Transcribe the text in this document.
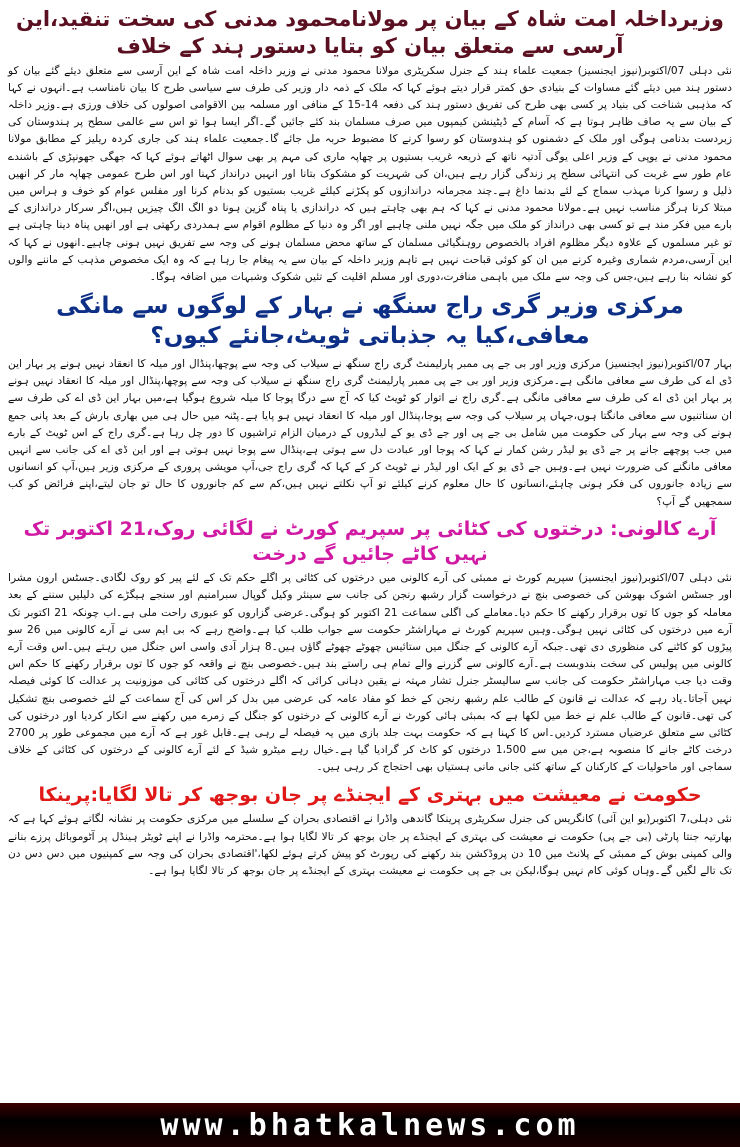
وزیرداخلہ امت شاہ کے بیان پر مولانامحمود مدنی کی سخت تنقید،این آرسی سے متعلق بیان کو بتایا دستور ہند کے خلاف

نئی دہلی 07/اکتوبر(نیوز ایجنسیز) جمعیت علماء ہند کے جنرل سکریٹری مولانا محمود مدنی نے وزیر داخلہ امت شاہ کے این آرسی سے متعلق دیئے گئے بیان کو دستور ہند میں دیئے گئے مساوات کے بنیادی حق کمتر قرار دیتے ہوئے کہا کہ ملک کے ذمہ دار وزیر کی طرف سے سیاسی طرح کا بیان نامناسب ہے۔انہوں نے کہا کہ مذہبی شناخت کی بنیاد پر کسی بھی طرح کی تفریق دستور ہند کی دفعہ 14-15 کے منافی اور مسلمہ بین الاقوامی اصولوں کی خلاف ورزی ہے۔وزیر داخلہ کے بیان سے یہ صاف ظاہر ہوتا ہے کہ آسام کے ڈیٹینشن کیمپوں میں صرف مسلمان بند کئے جائیں گے۔اگر ایسا ہوا تو اس سے عالمی سطح پر ہندوستان کی زبردست بدنامی ہوگی اور ملک کے دشمنوں کو ہندوستان کو رسوا کرنے کا مضبوط حربہ مل جائے گا۔جمعیت علماء ہند کی جاری کردہ ریلیز کے مطابق مولانا محمود مدنی نے یوپی کے وزیر اعلی یوگی آدتیہ ناتھ کے ذریعہ غریب بستیوں پر چھاپہ ماری کی مہم پر بھی سوال اٹھاتے ہوئے کہا کہ جھگی جھونپڑی کے باشندے عام طور سے غربت کی انتہائی سطح پر زندگی گزار رہے ہیں،ان کی شہریت کو مشکوک بتانا اور انہیں درانداز کہنا اور اس طرح عمومی چھاپہ مار کر انھیں ذلیل و رسوا کرنا مہذب سماج کے لئے بدنما داغ ہے۔چند مجرمانہ دراندازوں کو پکڑنے کیلئے غریب بستیوں کو بدنام کرنا اور مفلس عوام کو خوف و ہراس میں مبتلا کرنا ہرگز مناسب نہیں ہے۔مولانا محمود مدنی نے کہا کہ ہم بھی چاہتے ہیں کہ دراندازی یا پناہ گزین ہونا دو الگ الگ چیزیں ہیں،اگر سرکار دراندازی کے بارے میں فکر مند ہے تو کسی بھی درانداز کو ملک میں جگہ نہیں ملنی چاہیے اور اگر وہ دنیا کے مظلوم اقوام سے ہمدردی رکھتی ہے اور انھیں پناہ دینا چاہتی ہے تو غیر مسلموں کے علاوہ دیگر مظلوم افراد بالخصوص روہنگیائی مسلمان کے ساتھ محض مسلمان ہونے کی وجہ سے تفریق نہیں ہونی چاہیے۔انھوں نے کہا کہ این آرسی،مردم شماری وغیرہ کرنے میں ان کو کوئی قباحت نہیں ہے تاہم وزیر داخلہ کے بیان سے یہ پیغام جا رہا ہے کہ وہ ایک مخصوص مذہب کے ماننے والوں کو نشانہ بنا رہے ہیں،جس کی وجہ سے ملک میں باہمی منافرت،دوری اور مسلم اقلیت کے تئیں شکوک وشبہات میں اضافہ ہوگا۔

مرکزی وزیر گری راج سنگھ نے بہار کے لوگوں سے مانگی معافی،کیا یہ جذباتی ٹویٹ،جانئے کیوں؟

بہار 07/اکتوبر(نیوز ایجنسیز) مرکزی وزیر اور بی جے پی ممبر پارلیمنٹ گری راج سنگھ نے سیلاب کی وجہ سے پوچھا،پنڈال اور میلہ کا انعقاد نہیں ہونے پر بہار این ڈی اے کی طرف سے معافی مانگی ہے۔مرکزی وزیر اور بی جے پی ممبر پارلیمنٹ گری راج سنگھ نے سیلاب کی وجہ سے پوچھا،پنڈال اور میلہ کا انعقاد نہیں ہونے پر بہار این ڈی اے کی طرف سے معافی مانگی ہے۔گری راج نے اتوار کو ٹویٹ کیا کہ آج سے درگا پوجا کا میلہ شروع ہوگیا ہے،میں بہار این ڈی اے کی طرف سے ان سناتنیوں سے معافی مانگتا ہوں،جہاں پر سیلاب کی وجہ سے پوجا،پنڈال اور میلہ کا انعقاد نہیں ہو پایا ہے۔پٹنہ میں حال ہی میں بھاری بارش کے بعد پانی جمع ہونے کی وجہ سے بہار کی حکومت میں شامل بی جے پی اور جے ڈی یو کے لیڈروں کے درمیان الزام تراشیوں کا دور چل رہا ہے۔گری راج کے اس ٹویٹ کے بارے میں جب پوچھے جانے پر جے ڈی یو لیڈر رشن کمار نے کہا کہ پوجا اور عبادت دل سے ہوتی ہے،پنڈال سے پوجا نہیں ہوتی ہے اور این ڈی اے کی جانب سے انہیں معافی مانگنے کی ضرورت نہیں ہے۔وہیں جے ڈی یو کے ایک اور لیڈر نے ٹویٹ کر کے کہا کہ گری راج جی،آپ مویشی پروری کے مرکزی وزیر ہیں،آپ کو انسانوں سے زیادہ جانوروں کی فکر ہونی چاہئے،انسانوں کا حال معلوم کرنے کیلئے تو آپ نکلتے نہیں ہیں،کم سے کم جانوروں کا حال تو جان لیتے،اپنے فرائض کو کب سمجھیں گے آپ؟

آرے کالونی: درختوں کی کٹائی پر سپریم کورٹ نے لگائی روک،21 اکتوبر تک نہیں کاٹے جائیں گے درخت

نئی دہلی 07/اکتوبر(نیوز ایجنسیز) سپریم کورٹ نے ممبئی کی آرے کالونی میں درختوں کی کٹائی پر اگلے حکم تک کے لئے پیر کو روک لگادی۔جسٹس ارون مشرا اور جسٹس اشوک بھوشن کی خصوصی بنچ نے درخواست گزار رشبھ رنجن کی جانب سے سینئر وکیل گوپال سبرامنیم اور سنجے ہیگڑے کی دلیلیں سننے کے بعد معاملہ کو جوں کا توں برقرار رکھنے کا حکم دیا۔معاملے کی اگلی سماعت 21 اکتوبر کو ہوگی۔عرضی گزاروں کو عبوری راحت ملی ہے۔اب چونکہ 21 اکتوبر تک آرے میں درختوں کی کٹائی نہیں ہوگی۔وہیں سپریم کورٹ نے مہاراشٹر حکومت سے جواب طلب کیا ہے۔واضح رہے کہ بی ایم سی نے آرے کالونی میں 26 سو پیڑوں کو کاٹنے کی منظوری دی تھی۔جبکہ آرے کالونی کے جنگل میں ستائیس چھوٹے چھوٹے گاؤں ہیں۔8 ہزار آدی واسی اس جنگل میں رہتے ہیں۔اس وقت آرے کالونی میں پولیس کی سخت بندوبست ہے۔آرے کالونی سے گزرنے والے تمام ہی راستے بند ہیں۔خصوصی بنچ نے واقعہ کو جوں کا توں برقرار رکھنے کا حکم اس وقت دیا جب مہاراشٹر حکومت کی جانب سے سالیسٹر جنرل تشار مہتہ نے یقین دہانی کرائی کہ اگلے درختوں کی کٹائی کی موزونیت پر عدالت کا کوئی فیصلہ نہیں آجاتا۔یاد رہے کہ عدالت نے قانون کے طالب علم رشبھ رنجن کے خط کو مفاد عامہ کی عرضی میں بدل کر اس کی آج سماعت کے لئے خصوصی بنچ تشکیل کی تھی۔قانون کے طالب علم نے خط میں لکھا ہے کہ بمبئی ہائی کورٹ نے آرے کالونی کے درختوں کو جنگل کے زمرے میں رکھنے سے انکار کردیا اور درختوں کی کٹائی سے متعلق عرضیاں مسترد کردیں۔اس کا کہنا ہے کہ حکومت بہت جلد بازی میں یہ فیصلہ لے رہی ہے۔قابل غور ہے کہ آرے میں مجموعی طور پر 2700 درخت کاٹے جانے کا منصوبہ ہے،جن میں سے 1،500 درختوں کو کاٹ کر گرادیا گیا ہے۔خیال رہے میٹرو شیڈ کے لئے آرے کالونی کے درختوں کی کٹائی کے خلاف سماجی اور ماحولیات کے کارکنان کے ساتھ کئی جانی مانی ہستیاں بھی احتجاج کر رہی ہیں۔

حکومت نے معیشت میں بہتری کے ایجنڈے پر جان بوجھ کر تالا لگایا:پرینکا

نئی دہلی،7 اکتوبر(یو این آئی) کانگریس کی جنرل سکریٹری پرینکا گاندھی واڈرا نے اقتصادی بحران کے سلسلے میں مرکزی حکومت پر نشانہ لگاتے ہوئے کہا ہے کہ بھارتیہ جنتا پارٹی (بی جے پی) حکومت نے معیشت کی بہتری کے ایجنڈے پر جان بوجھ کر تالا لگایا ہوا ہے۔محترمہ واڈرا نے اپنے ٹویٹر ہینڈل پر آٹوموبائل پرزے بنانے والی کمپنی بوش کے ممبئی کے پلانٹ میں 10 دن پروڈکشن بند رکھنے کی رپورٹ کو پیش کرتے ہوئے لکھا،'اقتصادی بحران کی وجہ سے کمپنیوں میں دس دس دن تک تالے لگیں گے۔وہاں کوئی کام نہیں ہوگا،لیکن بی جے پی حکومت نے معیشت بہتری کے ایجنڈے پر جان بوجھ کر تالا لگایا ہوا ہے۔

www.bhatkalnews.com
